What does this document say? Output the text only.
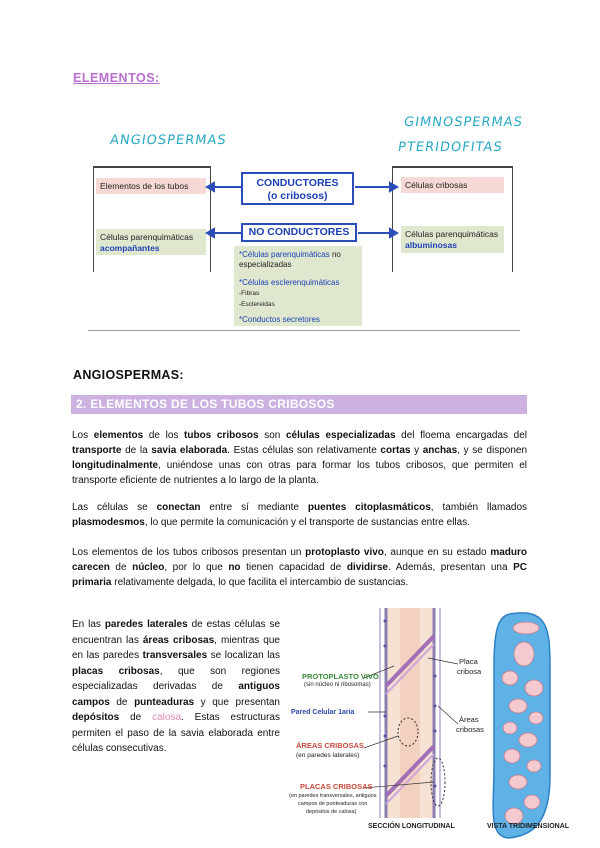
ELEMENTOS:
ANGIOSPERMAS
GIMNOSPERMAS
PTERIDOFITAS
Elementos de los tubos
Células parenquimáticas
acompañantes
Células cribosas
Células parenquimáticas
albuminosas
CONDUCTORES
(o cribosos)
NO CONDUCTORES
*Células parenquimáticas no
especializadas

*Células esclerenquimáticas
-Fibras
-Esclereidas

*Conductos secretores
ANGIOSPERMAS:
2. ELEMENTOS DE LOS TUBOS CRIBOSOS
Los elementos de los tubos cribosos son células especializadas del floema encargadas del transporte de la savia elaborada. Estas células son relativamente cortas y anchas, y se disponen longitudinalmente, uniéndose unas con otras para formar los tubos cribosos, que permiten el transporte eficiente de nutrientes a lo largo de la planta.
Las células se conectan entre sí mediante puentes citoplasmáticos, también llamados plasmodesmos, lo que permite la comunicación y el transporte de sustancias entre ellas.
Los elementos de los tubos cribosos presentan un protoplasto vivo, aunque en su estado maduro carecen de núcleo, por lo que no tienen capacidad de dividirse. Además, presentan una PC primaria relativamente delgada, lo que facilita el intercambio de sustancias.
En las paredes laterales de estas células se encuentran las áreas cribosas, mientras que en las paredes transversales se localizan las placas cribosas, que son regiones especializadas derivadas de antiguos campos de punteaduras y que presentan depósitos de calosa. Estas estructuras permiten el paso de la savia elaborada entre células consecutivas.
PROTOPLASTO VIVO
(sin núcleo ni ribosomas)
Pared Celular 1aria
ÁREAS CRIBOSAS
(en paredes laterales)
PLACAS CRIBOSAS
(en paredes transversales, antiguos
campos de punteaduras con
depósitos de calosa)
Placa
cribosa
Áreas
cribosas
SECCIÓN LONGITUDINAL	VISTA TRIDIMENSIONAL
